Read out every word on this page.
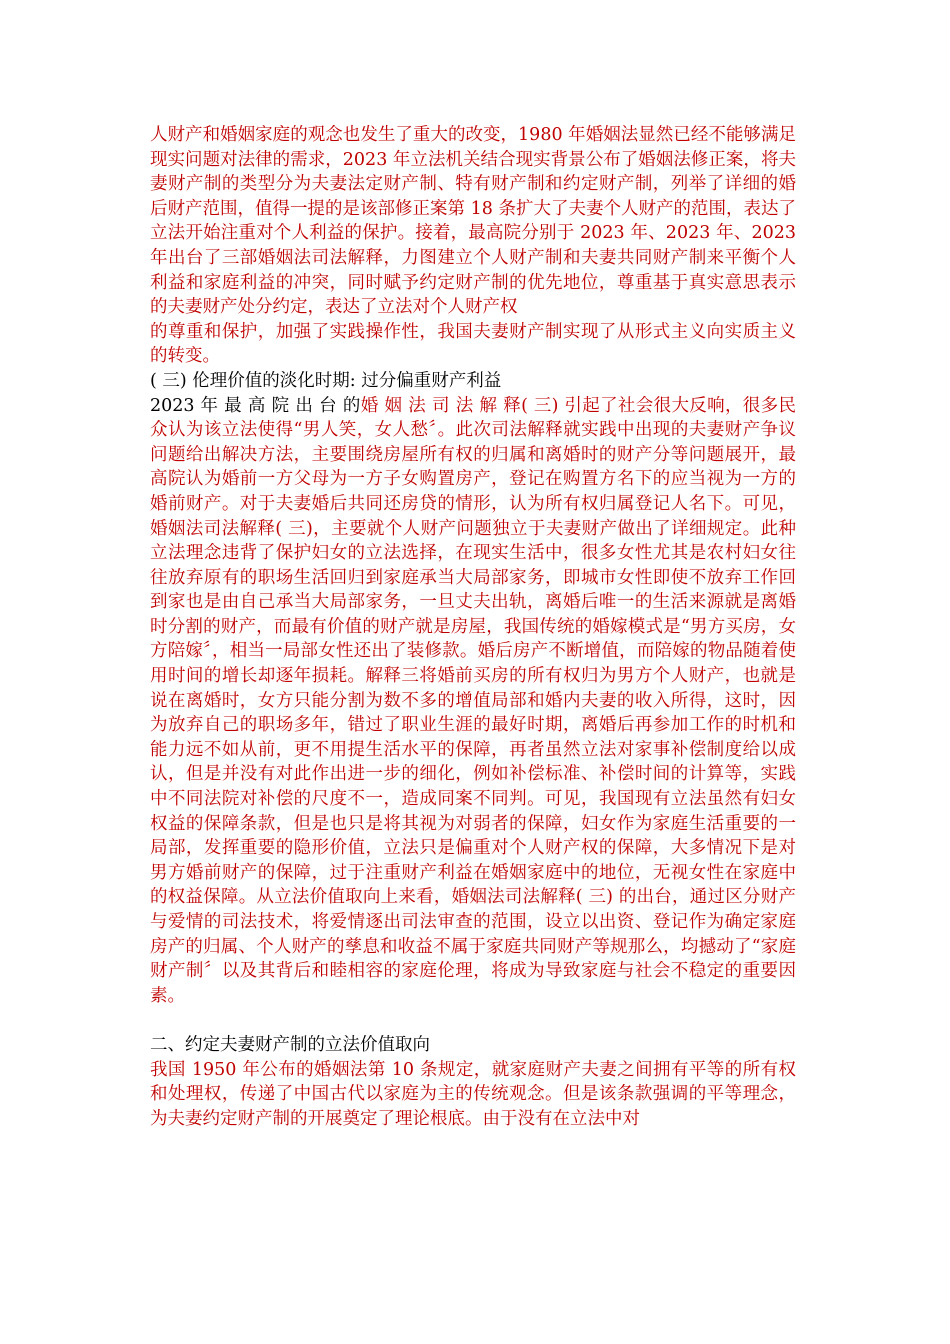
人财产和婚姻家庭的观念也发生了重大的改变，1980 年婚姻法显然已经不能够满足现实问题对法律的需求，2023 年立法机关结合现实背景公布了婚姻法修正案，将夫妻财产制的类型分为夫妻法定财产制、特有财产制和约定财产制，列举了详细的婚后财产范围，值得一提的是该部修正案第 18 条扩大了夫妻个人财产的范围，表达了立法开始注重对个人利益的保护。接着，最高院分别于 2023 年、2023 年、2023 年出台了三部婚姻法司法解释，力图建立个人财产制和夫妻共同财产制来平衡个人利益和家庭利益的冲突，同时赋予约定财产制的优先地位，尊重基于真实意思表示的夫妻财产处分约定，表达了立法对个人财产权

的尊重和保护，加强了实践操作性，我国夫妻财产制实现了从形式主义向实质主义的转变。

( 三) 伦理价值的淡化时期: 过分偏重财产利益

2023 年 最 高 院 出 台 的婚 姻 法 司 法 解 释( 三) 引起了社会很大反响，很多民众认为该立法使得“男人笑，女人愁〞。此次司法解释就实践中出现的夫妻财产争议问题给出解决方法，主要围绕房屋所有权的归属和离婚时的财产分等问题展开，最高院认为婚前一方父母为一方子女购置房产，登记在购置方名下的应当视为一方的婚前财产。对于夫妻婚后共同还房贷的情形，认为所有权归属登记人名下。可见，婚姻法司法解释( 三)，主要就个人财产问题独立于夫妻财产做出了详细规定。此种立法理念违背了保护妇女的立法选择，在现实生活中，很多女性尤其是农村妇女往往放弃原有的职场生活回归到家庭承当大局部家务，即城市女性即使不放弃工作回到家也是由自己承当大局部家务，一旦丈夫出轨，离婚后唯一的生活来源就是离婚时分割的财产，而最有价值的财产就是房屋，我国传统的婚嫁模式是“男方买房，女方陪嫁〞，相当一局部女性还出了装修款。婚后房产不断增值，而陪嫁的物品随着使用时间的增长却逐年损耗。解释三将婚前买房的所有权归为男方个人财产，也就是说在离婚时，女方只能分割为数不多的增值局部和婚内夫妻的收入所得，这时，因为放弃自己的职场多年，错过了职业生涯的最好时期，离婚后再参加工作的时机和能力远不如从前，更不用提生活水平的保障，再者虽然立法对家事补偿制度给以成认，但是并没有对此作出进一步的细化，例如补偿标准、补偿时间的计算等，实践中不同法院对补偿的尺度不一，造成同案不同判。可见，我国现有立法虽然有妇女权益的保障条款，但是也只是将其视为对弱者的保障，妇女作为家庭生活重要的一局部，发挥重要的隐形价值，立法只是偏重对个人财产权的保障，大多情况下是对男方婚前财产的保障，过于注重财产利益在婚姻家庭中的地位，无视女性在家庭中的权益保障。从立法价值取向上来看，婚姻法司法解释( 三) 的出台，通过区分财产与爱情的司法技术，将爱情逐出司法审查的范围，设立以出资、登记作为确定家庭房产的归属、个人财产的孳息和收益不属于家庭共同财产等规那么，均撼动了“家庭财产制〞以及其背后和睦相容的家庭伦理，将成为导致家庭与社会不稳定的重要因素。

二、约定夫妻财产制的立法价值取向

我国 1950 年公布的婚姻法第 10 条规定，就家庭财产夫妻之间拥有平等的所有权和处理权，传递了中国古代以家庭为主的传统观念。但是该条款强调的平等理念，为夫妻约定财产制的开展奠定了理论根底。由于没有在立法中对
